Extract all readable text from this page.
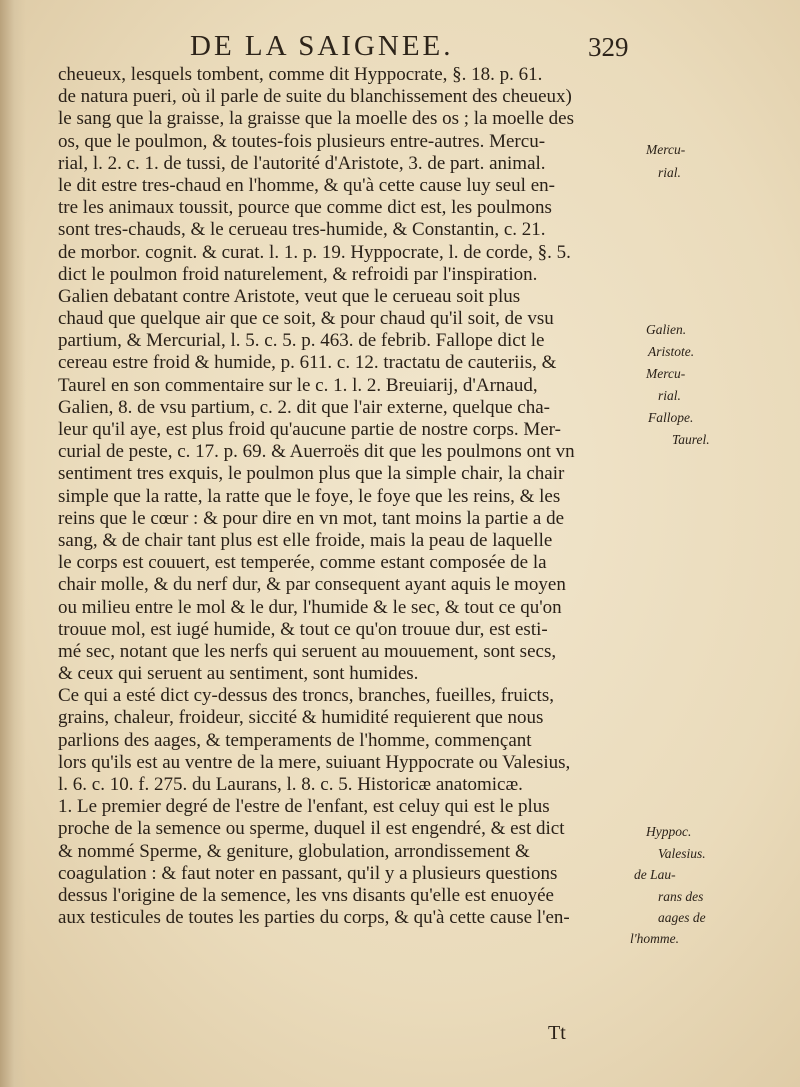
DE LA SAIGNEE.	329
cheueux, lesquels tombent, comme dit Hyppocrate, §. 18. p. 61.
de natura pueri, où il parle de suite du blanchissement des cheueux)
le sang que la graisse, la graisse que la moelle des os ; la moelle des
os, que le poulmon, & toutes-fois plusieurs entre-autres. Mercu-
rial, l. 2. c. 1. de tussi, de l'autorité d'Aristote, 3. de part. animal.
le dit estre tres-chaud en l'homme, & qu'à cette cause luy seul en-
tre les animaux toussit, pource que comme dict est, les poulmons
sont tres-chauds, & le cerueau tres-humide, & Constantin, c. 21.
de morbor. cognit. & curat. l. 1. p. 19. Hyppocrate, l. de corde, §. 5.
dict le poulmon froid naturelement, & refroidi par l'inspiration.
Galien debatant contre Aristote, veut que le cerueau soit plus
chaud que quelque air que ce soit, & pour chaud qu'il soit, de vsu
partium, & Mercurial, l. 5. c. 5. p. 463. de febrib. Fallope dict le
cereau estre froid & humide, p. 611. c. 12. tractatu de cauteriis, &
Taurel en son commentaire sur le c. 1. l. 2. Breuiarij, d'Arnaud,
Galien, 8. de vsu partium, c. 2. dit que l'air externe, quelque cha-
leur qu'il aye, est plus froid qu'aucune partie de nostre corps. Mer-
curial de peste, c. 17. p. 69. & Auerroës dit que les poulmons ont vn
sentiment tres exquis, le poulmon plus que la simple chair, la chair
simple que la ratte, la ratte que le foye, le foye que les reins, & les
reins que le cœur : & pour dire en vn mot, tant moins la partie a de
sang, & de chair tant plus est elle froide, mais la peau de laquelle
le corps est couuert, est temperée, comme estant composée de la
chair molle, & du nerf dur, & par consequent ayant aquis le moyen
ou milieu entre le mol & le dur, l'humide & le sec, & tout ce qu'on
trouue mol, est iugé humide, & tout ce qu'on trouue dur, est esti-
mé sec, notant que les nerfs qui seruent au mouuement, sont secs,
& ceux qui seruent au sentiment, sont humides.
Ce qui a esté dict cy-dessus des troncs, branches, fueilles, fruicts,
grains, chaleur, froideur, siccité & humidité requierent que nous
parlions des aages, & temperaments de l'homme, commençant
lors qu'ils est au ventre de la mere, suiuant Hyppocrate ou Valesius,
l. 6. c. 10. f. 275. du Laurans, l. 8. c. 5. Historicæ anatomicæ.
1. Le premier degré de l'estre de l'enfant, est celuy qui est le plus
proche de la semence ou sperme, duquel il est engendré, & est dict
& nommé Sperme, & geniture, globulation, arrondissement &
coagulation : & faut noter en passant, qu'il y a plusieurs questions
dessus l'origine de la semence, les vns disants qu'elle est enuoyée
aux testicules de toutes les parties du corps, & qu'à cette cause l'en-
Mercu-
rial.
Galien.
Aristote.
Mercu-
rial.
Fallope.
Taurel.
Hyppoc.
Valesius.
de Lau-
rans des
aages de
l'homme.
Tt
